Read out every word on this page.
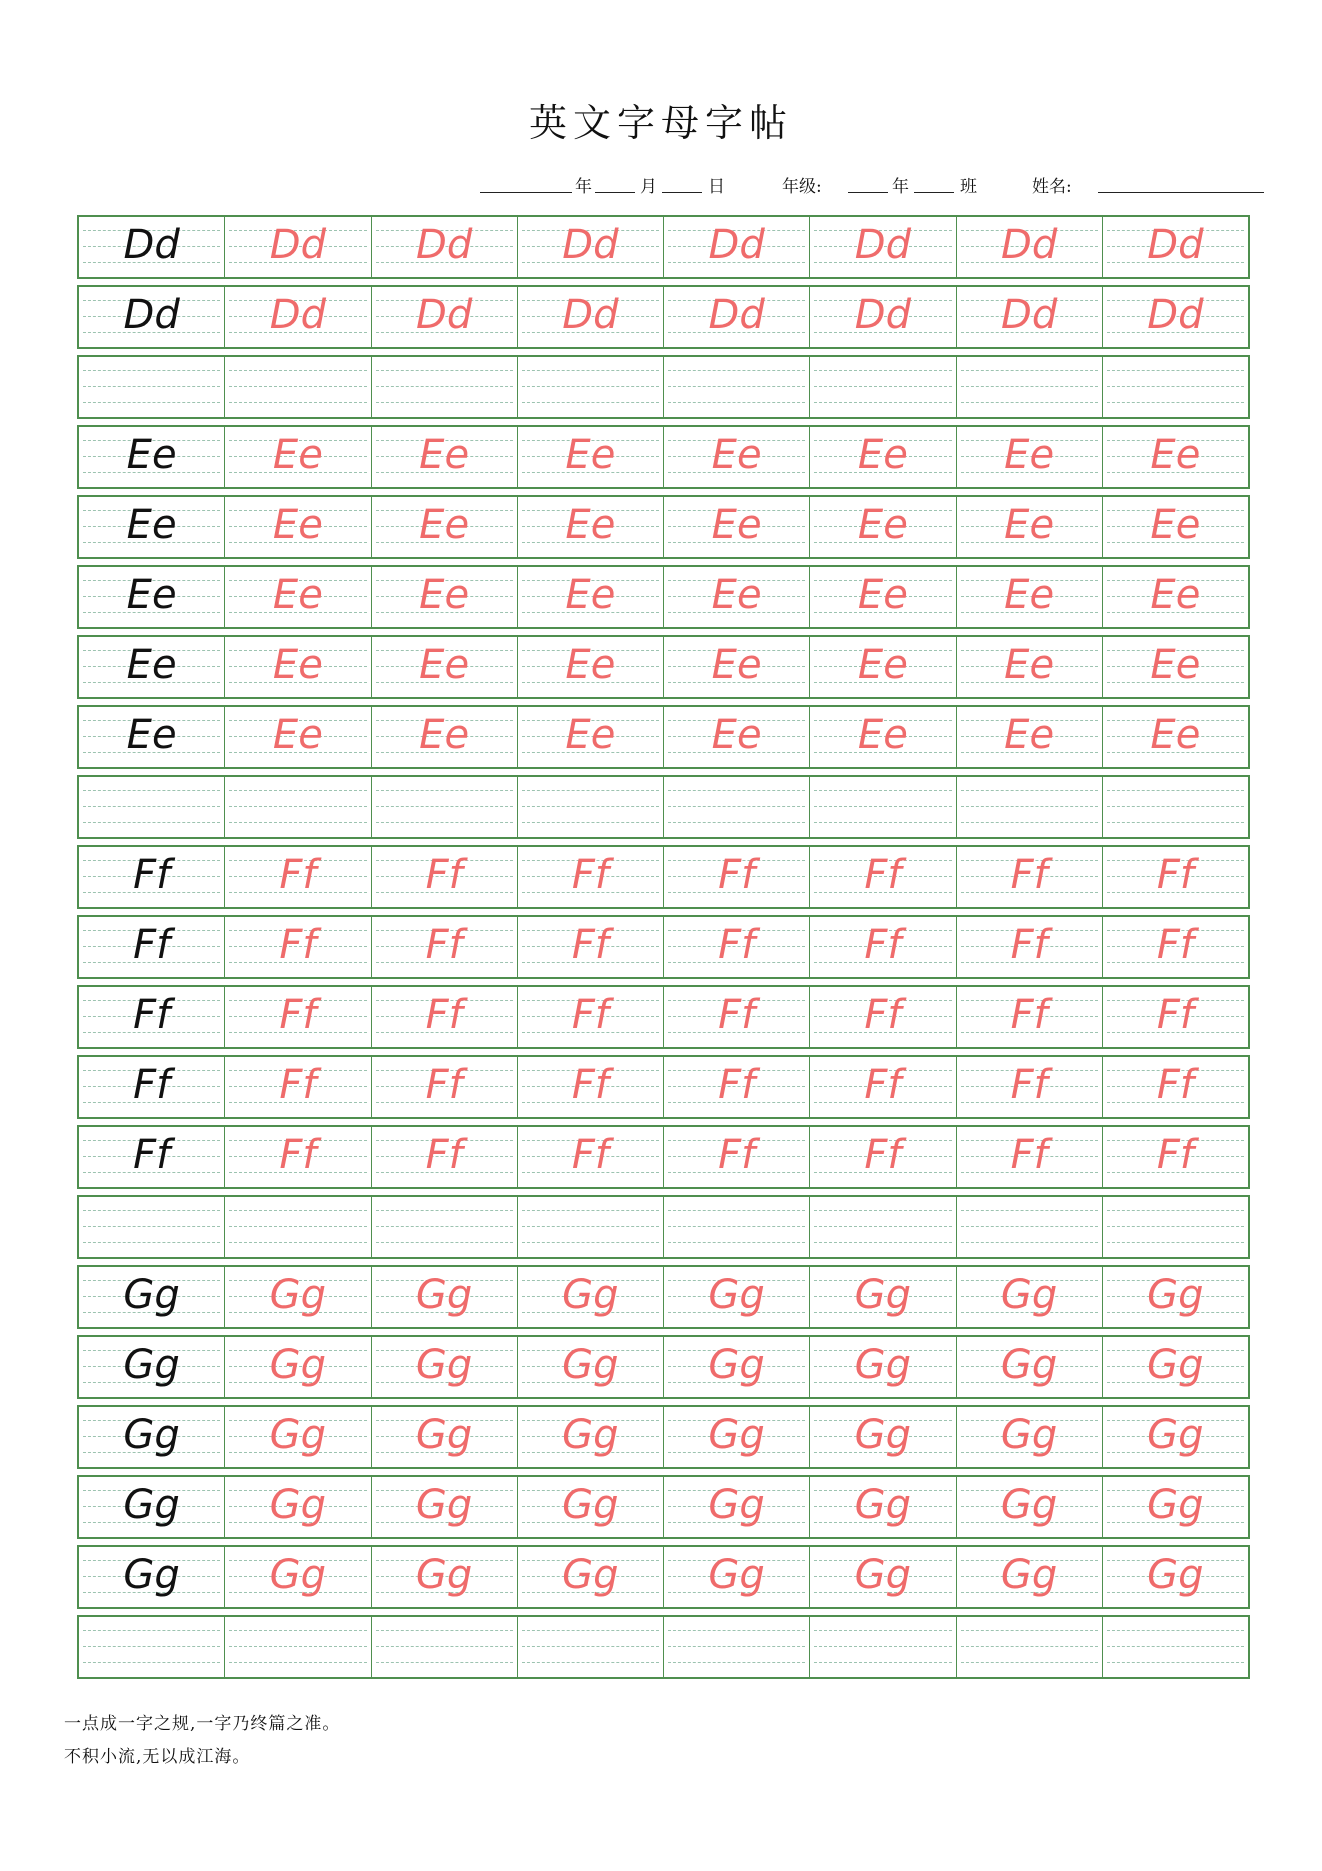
英文字母字帖
年	月	日	年级:	年	班	姓名:
Dd	Dd	Dd	Dd	Dd	Dd	Dd	Dd
Dd	Dd	Dd	Dd	Dd	Dd	Dd	Dd
Ee	Ee	Ee	Ee	Ee	Ee	Ee	Ee
Ee	Ee	Ee	Ee	Ee	Ee	Ee	Ee
Ee	Ee	Ee	Ee	Ee	Ee	Ee	Ee
Ee	Ee	Ee	Ee	Ee	Ee	Ee	Ee
Ee	Ee	Ee	Ee	Ee	Ee	Ee	Ee
Ff	Ff	Ff	Ff	Ff	Ff	Ff	Ff
Ff	Ff	Ff	Ff	Ff	Ff	Ff	Ff
Ff	Ff	Ff	Ff	Ff	Ff	Ff	Ff
Ff	Ff	Ff	Ff	Ff	Ff	Ff	Ff
Ff	Ff	Ff	Ff	Ff	Ff	Ff	Ff
Gg	Gg	Gg	Gg	Gg	Gg	Gg	Gg
Gg	Gg	Gg	Gg	Gg	Gg	Gg	Gg
Gg	Gg	Gg	Gg	Gg	Gg	Gg	Gg
Gg	Gg	Gg	Gg	Gg	Gg	Gg	Gg
Gg	Gg	Gg	Gg	Gg	Gg	Gg	Gg
一点成一字之规,一字乃终篇之准。
不积小流,无以成江海。
